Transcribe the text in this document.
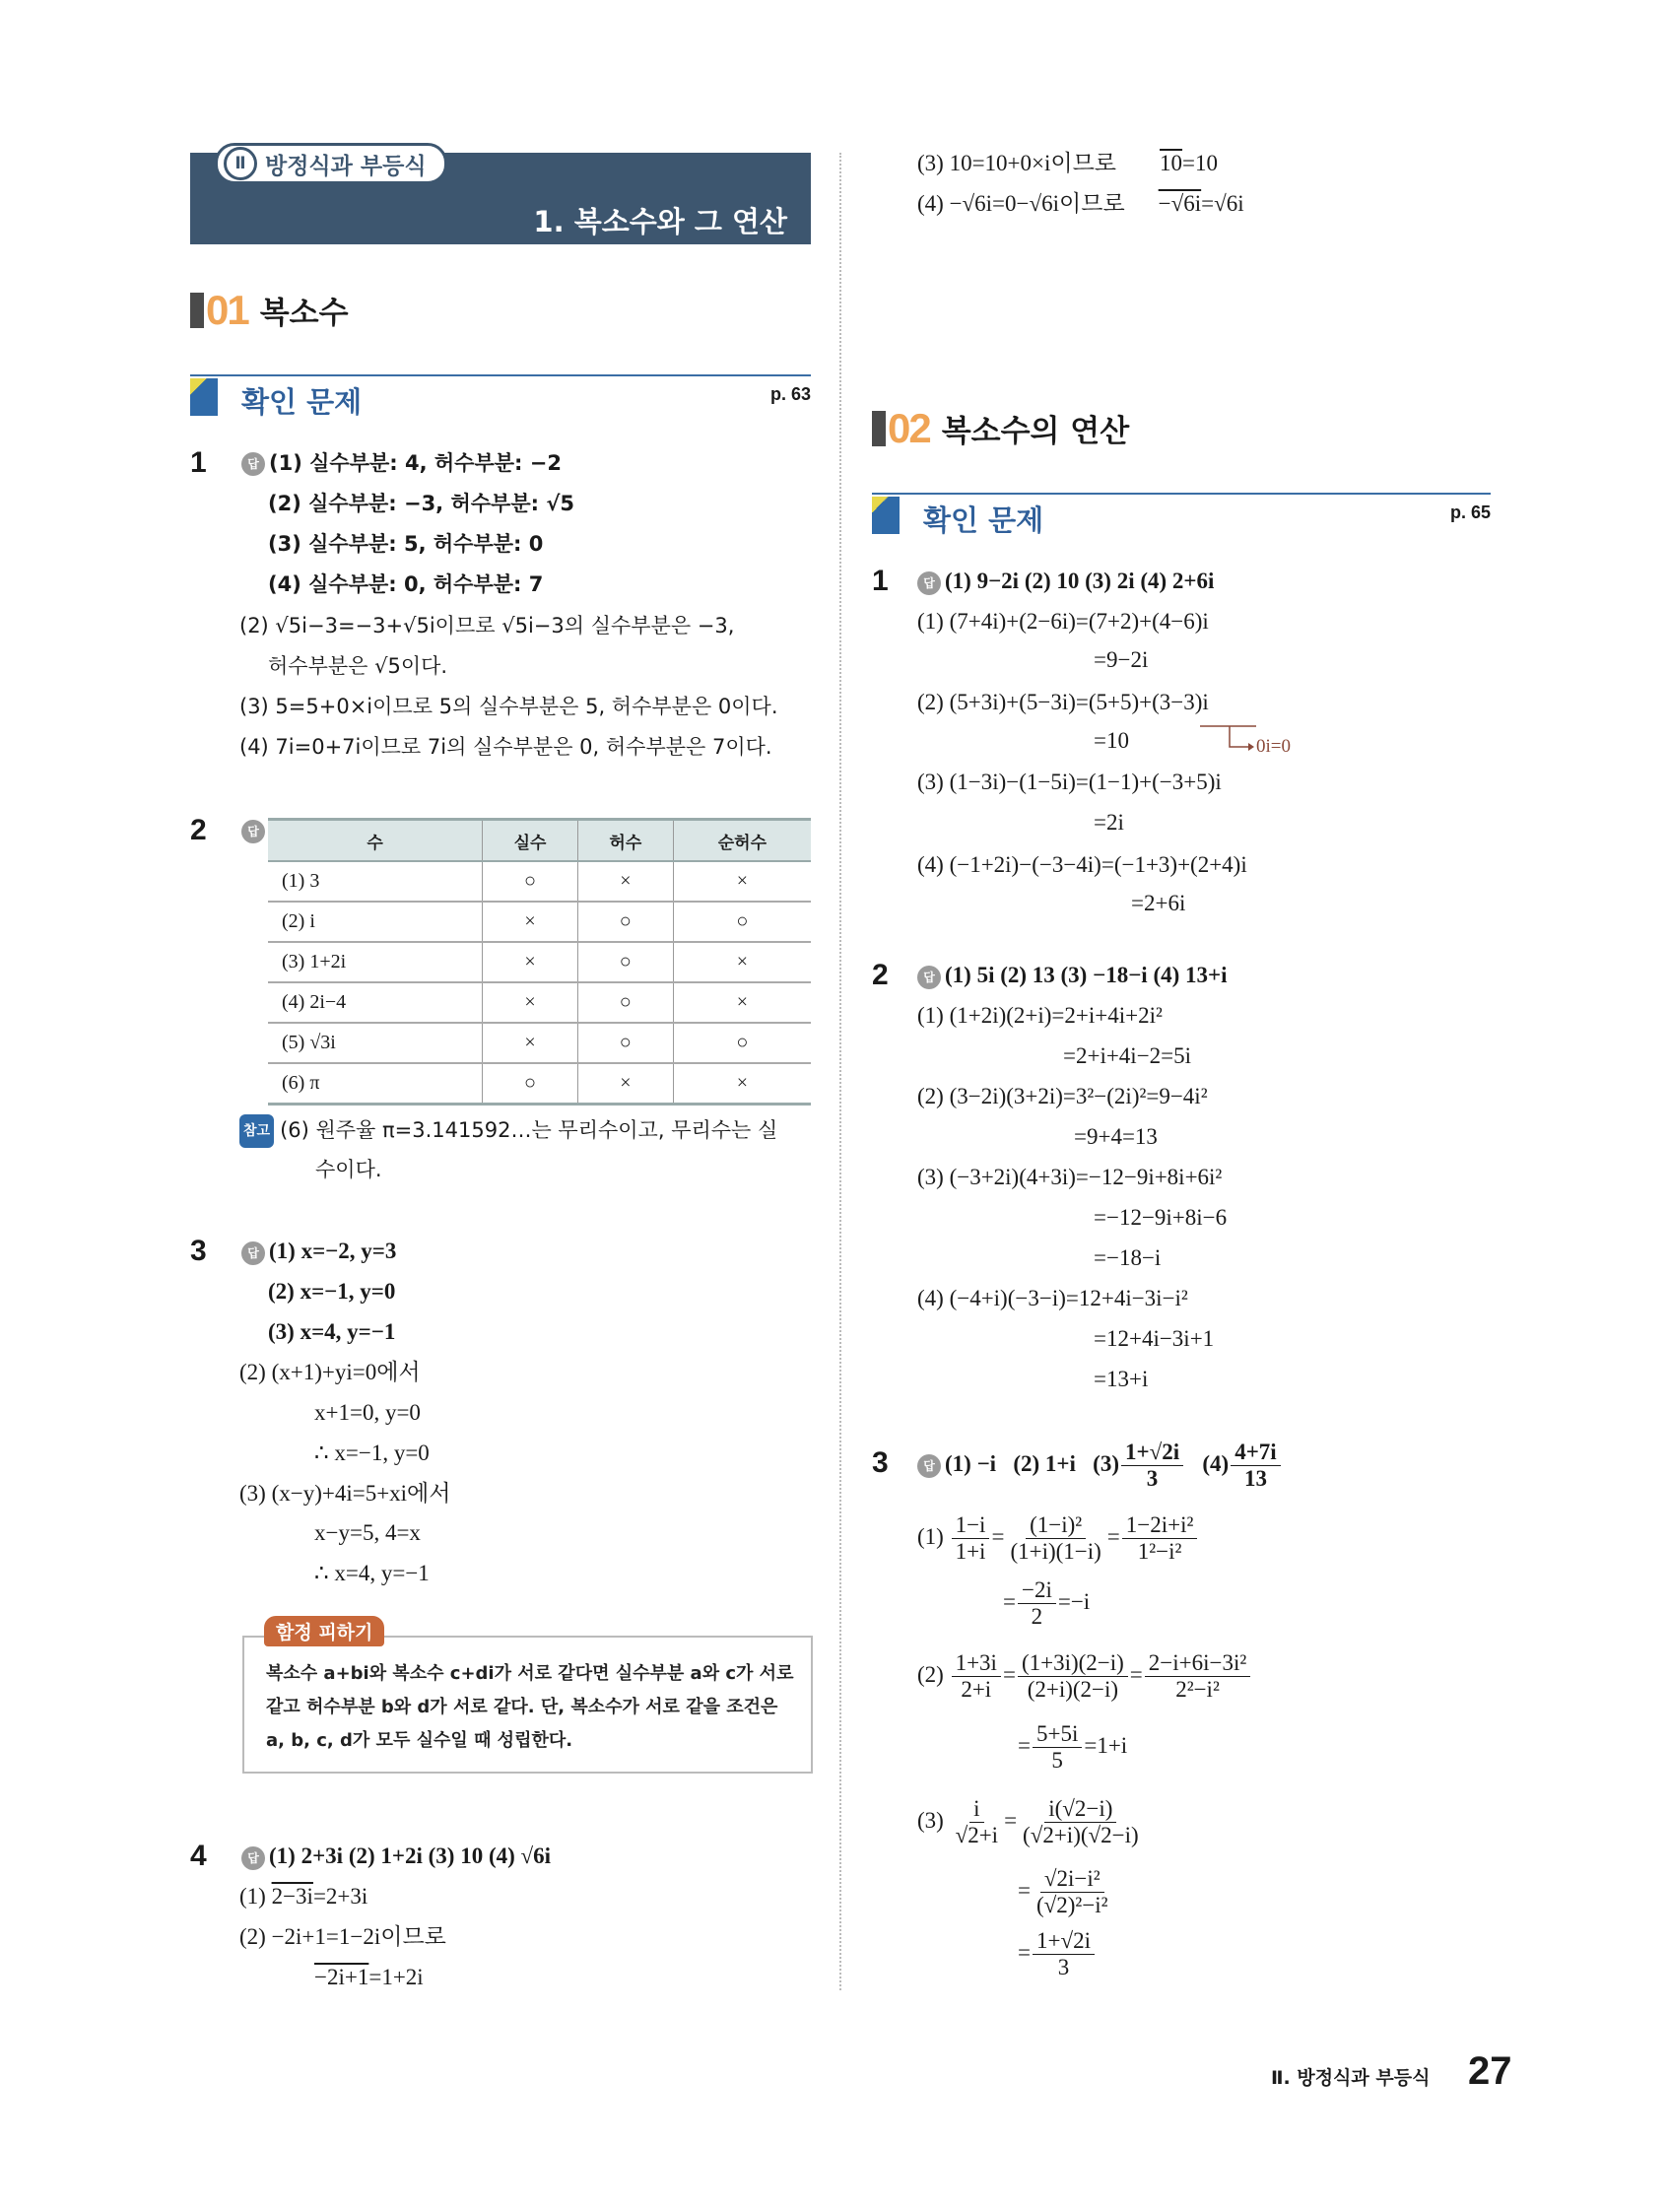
1. 복소수와 그 연산
Ⅱ 방정식과 부등식
01 복소수
확인 문제	p. 63
1	답 (1) 실수부분: 4, 허수부분: −2
(2) 실수부분: −3, 허수부분: √5
(3) 실수부분: 5, 허수부분: 0
(4) 실수부분: 0, 허수부분: 7
(2) √5i−3=−3+√5i이므로 √5i−3의 실수부분은 −3,
허수부분은 √5이다.
(3) 5=5+0×i이므로 5의 실수부분은 5, 허수부분은 0이다.
(4) 7i=0+7i이므로 7i의 실수부분은 0, 허수부분은 7이다.
2	답
수	실수	허수	순허수
(1) 3	○	×	×
(2) i	×	○	○
(3) 1+2i	×	○	×
(4) 2i−4	×	○	×
(5) √3i	×	○	○
(6) π	○	×	×
참고 (6) 원주율 π=3.141592…는 무리수이고, 무리수는 실
수이다.
3	답 (1) x=−2, y=3
(2) x=−1, y=0
(3) x=4, y=−1
(2) (x+1)+yi=0에서
x+1=0, y=0
∴ x=−1, y=0
(3) (x−y)+4i=5+xi에서
x−y=5, 4=x
∴ x=4, y=−1
함정 피하기
복소수 a+bi와 복소수 c+di가 서로 같다면 실수부분 a와 c가 서로 같고 허수부분 b와 d가 서로 같다. 단, 복소수가 서로 같을 조건은 a, b, c, d가 모두 실수일 때 성립한다.
4	답 (1) 2+3i (2) 1+2i (3) 10 (4) √6i
(1) 2−3i=2+3i
(2) −2i+1=1−2i이므로
−2i+1=1+2i
(3) 10=10+0×i이므로 10=10
(4) −√6i=0−√6i이므로 −√6i=√6i
02 복소수의 연산
확인 문제	p. 65
1	답 (1) 9−2i (2) 10 (3) 2i (4) 2+6i
(1) (7+4i)+(2−6i)=(7+2)+(4−6)i
=9−2i
(2) (5+3i)+(5−3i)=(5+5)+(3−3)i
=10	0i=0
(3) (1−3i)−(1−5i)=(1−1)+(−3+5)i
=2i
(4) (−1+2i)−(−3−4i)=(−1+3)+(2+4)i
=2+6i
2	답 (1) 5i (2) 13 (3) −18−i (4) 13+i
(1) (1+2i)(2+i)=2+i+4i+2i²
=2+i+4i−2=5i
(2) (3−2i)(3+2i)=3²−(2i)²=9−4i²
=9+4=13
(3) (−3+2i)(4+3i)=−12−9i+8i+6i²
=−12−9i+8i−6
=−18−i
(4) (−4+i)(−3−i)=12+4i−3i−i²
=12+4i−3i+1
=13+i
3	답 (1) −i (2) 1+i $(3) \frac{1+√2i}{3} (4) \frac{4+7i}{13}$
$(1) \frac{1-i}{1+i} = \frac{\text{(1−i)²}}{(1+i)(1-i)} = \frac{\text{1−2i+i²}}{\text{1²−i²}}$
= $\frac{-2i}{2} =-i$
$(2) \frac{1+3i}{2+i} = \frac{(1+3i)(2-i)}{(2+i)(2-i)} = \frac{\text{2−i+6i−3i²}}{\text{2²−i²}}$
= $\frac{5+5i}{5} =1+i$
$(3) \frac{i}{√2+i} = \frac{i(√2-i)}{(√2+i)(√2-i)}$
= $\frac{\text{√2i−i²}}{\text{(√2)²−i²}}$
= $\frac{1+√2i}{3}$
Ⅱ. 방정식과 부등식 27
